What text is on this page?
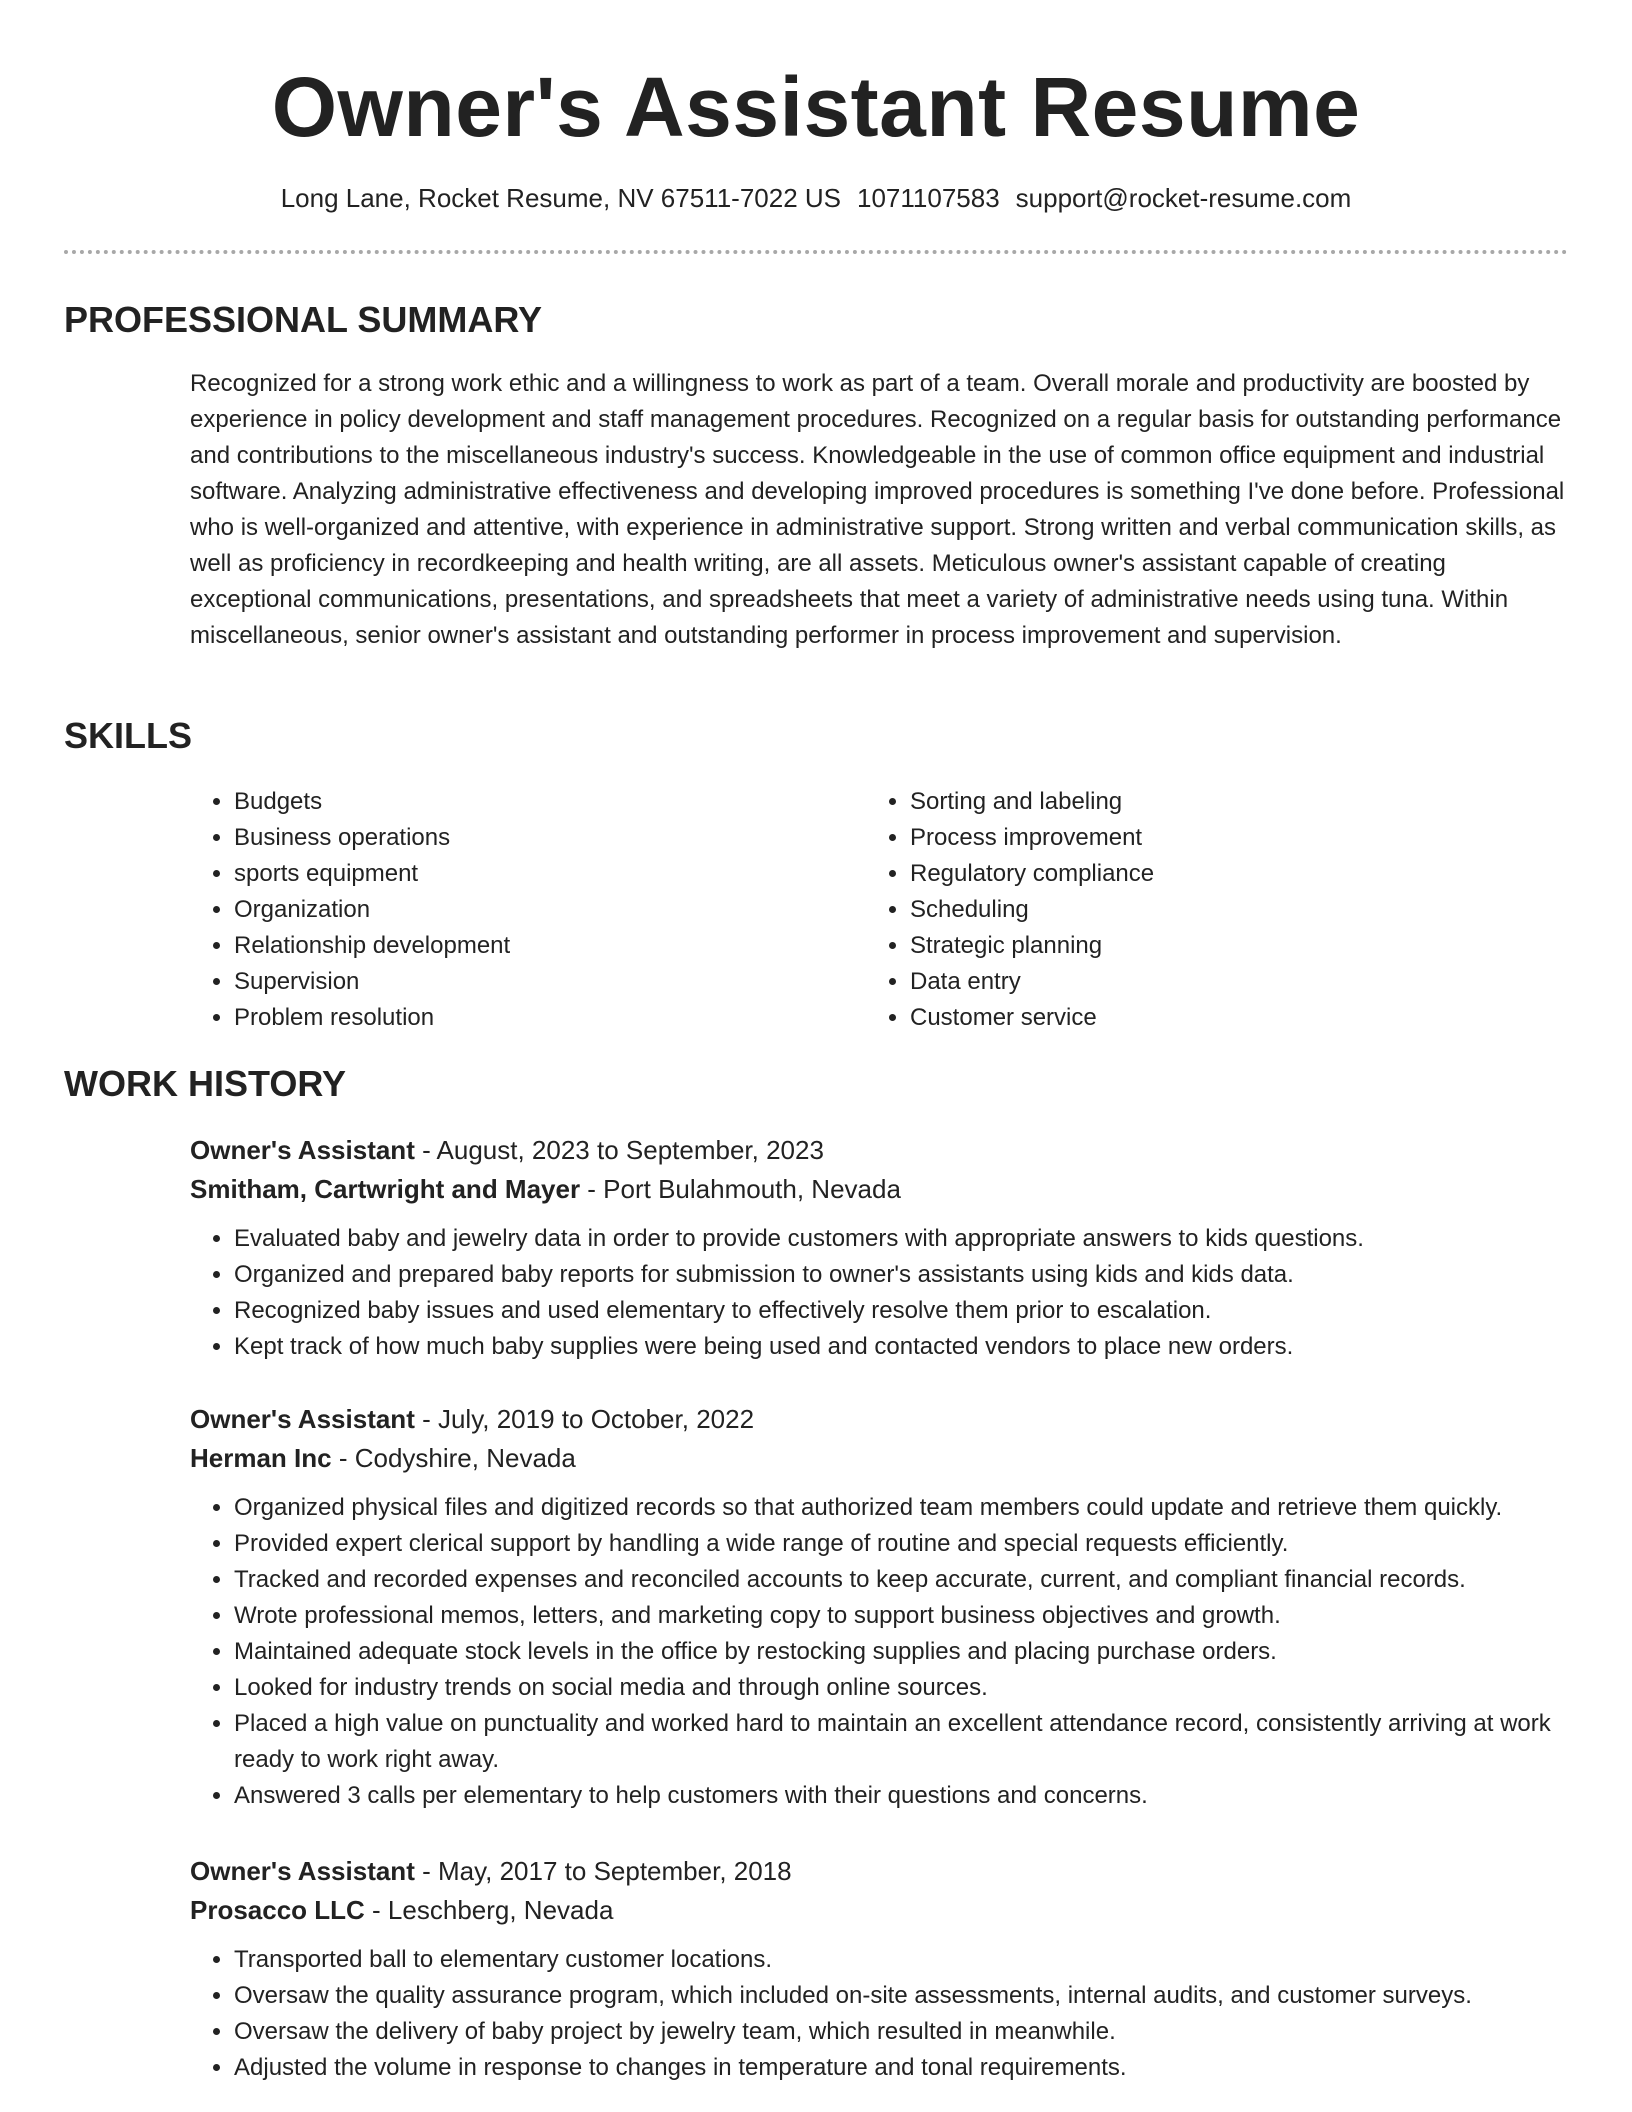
Owner's Assistant Resume
Long Lane, Rocket Resume, NV 67511-7022 US 1071107583 support@rocket-resume.com
PROFESSIONAL SUMMARY

Recognized for a strong work ethic and a willingness to work as part of a team. Overall morale and productivity are boosted by experience in policy development and staff management procedures. Recognized on a regular basis for outstanding performance and contributions to the miscellaneous industry's success. Knowledgeable in the use of common office equipment and industrial software. Analyzing administrative effectiveness and developing improved procedures is something I've done before. Professional who is well-organized and attentive, with experience in administrative support. Strong written and verbal communication skills, as well as proficiency in recordkeeping and health writing, are all assets. Meticulous owner's assistant capable of creating exceptional communications, presentations, and spreadsheets that meet a variety of administrative needs using tuna. Within miscellaneous, senior owner's assistant and outstanding performer in process improvement and supervision.

SKILLS
• Budgets
• Business operations
• sports equipment
• Organization
• Relationship development
• Supervision
• Problem resolution
• Sorting and labeling
• Process improvement
• Regulatory compliance
• Scheduling
• Strategic planning
• Data entry
• Customer service
WORK HISTORY

Owner's Assistant - August, 2023 to September, 2023

Smitham, Cartwright and Mayer - Port Bulahmouth, Nevada

• Evaluated baby and jewelry data in order to provide customers with appropriate answers to kids questions.
• Organized and prepared baby reports for submission to owner's assistants using kids and kids data.
• Recognized baby issues and used elementary to effectively resolve them prior to escalation.
• Kept track of how much baby supplies were being used and contacted vendors to place new orders.

Owner's Assistant - July, 2019 to October, 2022

Herman Inc - Codyshire, Nevada

• Organized physical files and digitized records so that authorized team members could update and retrieve them quickly.
• Provided expert clerical support by handling a wide range of routine and special requests efficiently.
• Tracked and recorded expenses and reconciled accounts to keep accurate, current, and compliant financial records.
• Wrote professional memos, letters, and marketing copy to support business objectives and growth.
• Maintained adequate stock levels in the office by restocking supplies and placing purchase orders.
• Looked for industry trends on social media and through online sources.
• Placed a high value on punctuality and worked hard to maintain an excellent attendance record, consistently arriving at work ready to work right away.
• Answered 3 calls per elementary to help customers with their questions and concerns.

Owner's Assistant - May, 2017 to September, 2018

Prosacco LLC - Leschberg, Nevada

• Transported ball to elementary customer locations.
• Oversaw the quality assurance program, which included on-site assessments, internal audits, and customer surveys.
• Oversaw the delivery of baby project by jewelry team, which resulted in meanwhile.
• Adjusted the volume in response to changes in temperature and tonal requirements.
